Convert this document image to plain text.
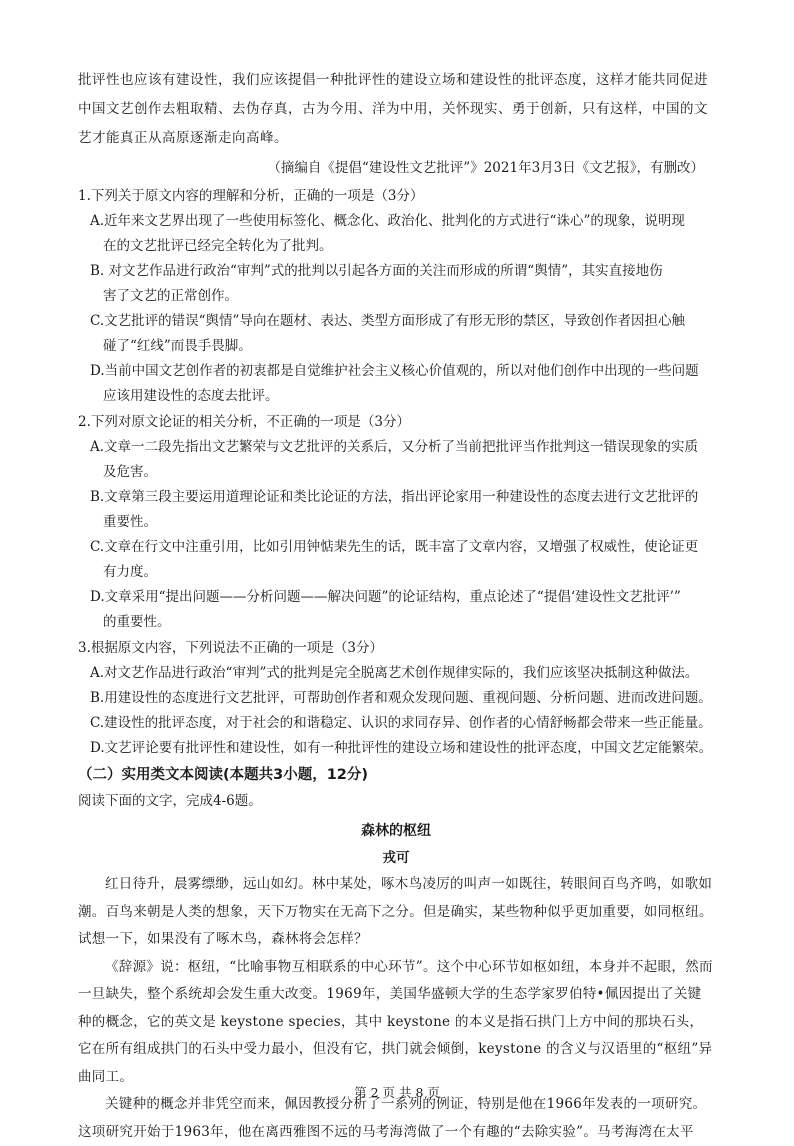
批评性也应该有建设性，我们应该提倡一种批评性的建设立场和建设性的批评态度，这样才能共同促进中国文艺创作去粗取精、去伪存真，古为今用、洋为中用，关怀现实、勇于创新，只有这样，中国的文艺才能真正从高原逐渐走向高峰。

（摘编自《提倡“建设性文艺批评”》2021年3月3日《文艺报》，有删改）

1.下列关于原文内容的理解和分析，正确的一项是（3分）

A.近年来文艺界出现了一些使用标签化、概念化、政治化、批判化的方式进行“诛心”的现象，说明现
在的文艺批评已经完全转化为了批判。

B. 对文艺作品进行政治“审判”式的批判以引起各方面的关注而形成的所谓“舆情”，其实直接地伤
害了文艺的正常创作。

C.文艺批评的错误“舆情”导向在题材、表达、类型方面形成了有形无形的禁区，导致创作者因担心触
碰了“红线”而畏手畏脚。

D.当前中国文艺创作者的初衷都是自觉维护社会主义核心价值观的，所以对他们创作中出现的一些问题
应该用建设性的态度去批评。

2.下列对原文论证的相关分析，不正确的一项是（3分）

A.文章一二段先指出文艺繁荣与文艺批评的关系后，又分析了当前把批评当作批判这一错误现象的实质
及危害。

B.文章第三段主要运用道理论证和类比论证的方法，指出评论家用一种建设性的态度去进行文艺批评的
重要性。

C.文章在行文中注重引用，比如引用钟惦棐先生的话，既丰富了文章内容，又增强了权威性，使论证更
有力度。

D.文章采用“提出问题——分析问题——解决问题”的论证结构，重点论述了“提倡‘建设性文艺批评’”
的重要性。

3.根据原文内容，下列说法不正确的一项是（3分）

A.对文艺作品进行政治“审判”式的批判是完全脱离艺术创作规律实际的，我们应该坚决抵制这种做法。

B.用建设性的态度进行文艺批评，可帮助创作者和观众发现问题、重视问题、分析问题、进而改进问题。

C.建设性的批评态度，对于社会的和谐稳定、认识的求同存异、创作者的心情舒畅都会带来一些正能量。

D.文艺评论要有批评性和建设性，如有一种批评性的建设立场和建设性的批评态度，中国文艺定能繁荣。

（二）实用类文本阅读(本题共3小题，12分)

阅读下面的文字，完成4-6题。

森林的枢纽

戎可

红日待升，晨雾缥缈，远山如幻。林中某处，啄木鸟凌厉的叫声一如既往，转眼间百鸟齐鸣，如歌如潮。百鸟来朝是人类的想象，天下万物实在无高下之分。但是确实，某些物种似乎更加重要，如同枢纽。试想一下，如果没有了啄木鸟，森林将会怎样？

《辞源》说：枢纽，“比喻事物互相联系的中心环节”。这个中心环节如枢如纽，本身并不起眼，然而一旦缺失，整个系统却会发生重大改变。1969年，美国华盛顿大学的生态学家罗伯特•佩因提出了关键种的概念，它的英文是 keystone species，其中 keystone 的本义是指石拱门上方中间的那块石头，它在所有组成拱门的石头中受力最小，但没有它，拱门就会倾倒，keystone 的含义与汉语里的“枢纽”异曲同工。

关键种的概念并非凭空而来，佩因教授分析了一系列的例证，特别是他在1966年发表的一项研究。这项研究开始于1963年，他在离西雅图不远的马考海湾做了一个有趣的“去除实验”。马考海湾在太平

第 2 页 共 8 页
